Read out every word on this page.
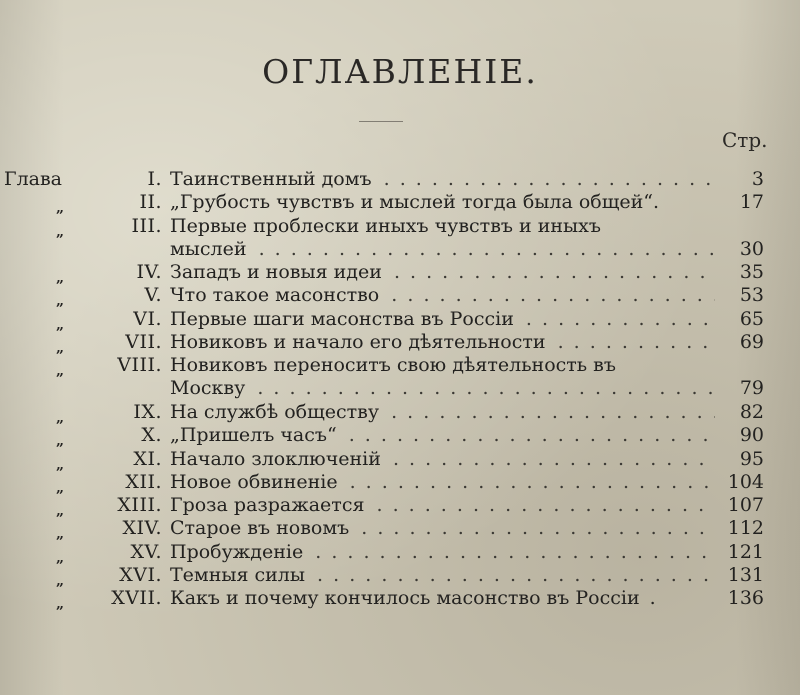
ОГЛАВЛЕНІЕ.
Стр.
Глава	I. Таинственный домъ . . .	3
„	II. „Грубость чувствъ и мыслей тогда была общей“.	17
„	III. Первые проблески иныхъ чувствъ и иныхъ
мыслей . . .	30
„	IV. Западъ и новыя идеи . . .	35
„	V. Что такое масонство . . .	53
„	VI. Первые шаги масонства въ Россіи . . .	65
„	VII. Новиковъ и начало его дѣятельности . . .	69
„	VIII. Новиковъ переноситъ свою дѣятельность въ
Москву . . .	79
„	IX. На службѣ обществу . . .	82
„	X. „Пришелъ часъ“ . . .	90
„	XI. Начало злоключеній . . .	95
„	XII. Новое обвиненіе . . .	104
„	XIII. Гроза разражается . . .	107
„	XIV. Старое въ новомъ . . .	112
„	XV. Пробужденіе . . .	121
„	XVI. Темныя силы . . .	131
„ XVII. Какъ и почему кончилось масонство въ Россіи .	136
